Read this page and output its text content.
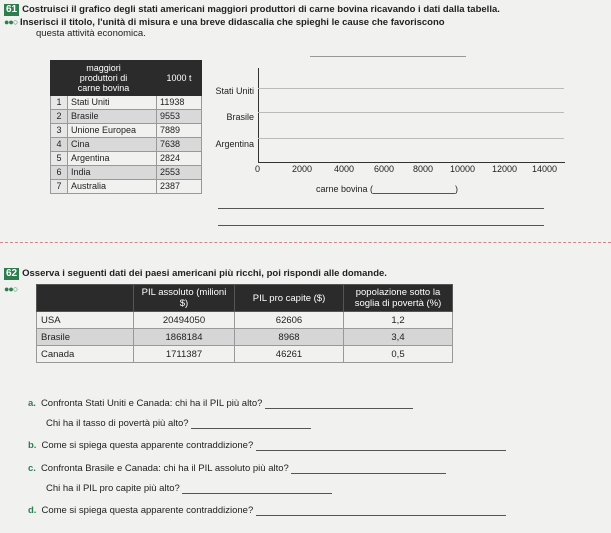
61 Costruisci il grafico degli stati americani maggiori produttori di carne bovina ricavando i dati dalla tabella.
●●○ Inserisci il titolo, l'unità di misura e una breve didascalia che spieghi le cause che favoriscono
questa attività economica.
maggiori
produttori di
carne bovina		1000 t
1	Stati Uniti	11938
2	Brasile	9553
3	Unione Europea	7889
4	Cina	7638
5	Argentina	2824
6	India	2553
7	Australia	2387
Stati Uniti
Brasile
Argentina
0	2000 4000 6000 8000 10000 12000 14000
carne bovina (	)
62 Osserva i seguenti dati dei paesi americani più ricchi, poi rispondi alle domande.
●●○
		PIL assoluto (milioni $)	PIL pro capite ($)	popolazione sotto la soglia di povertà (%)
USA	20494050	62606	1,2
Brasile	1868184	8968	3,4
Canada	1711387	46261	0,5
a. Confronta Stati Uniti e Canada: chi ha il PIL più alto?
Chi ha il tasso di povertà più alto?
b. Come si spiega questa apparente contraddizione?
c. Confronta Brasile e Canada: chi ha il PIL assoluto più alto?
Chi ha il PIL pro capite più alto?
d. Come si spiega questa apparente contraddizione?
